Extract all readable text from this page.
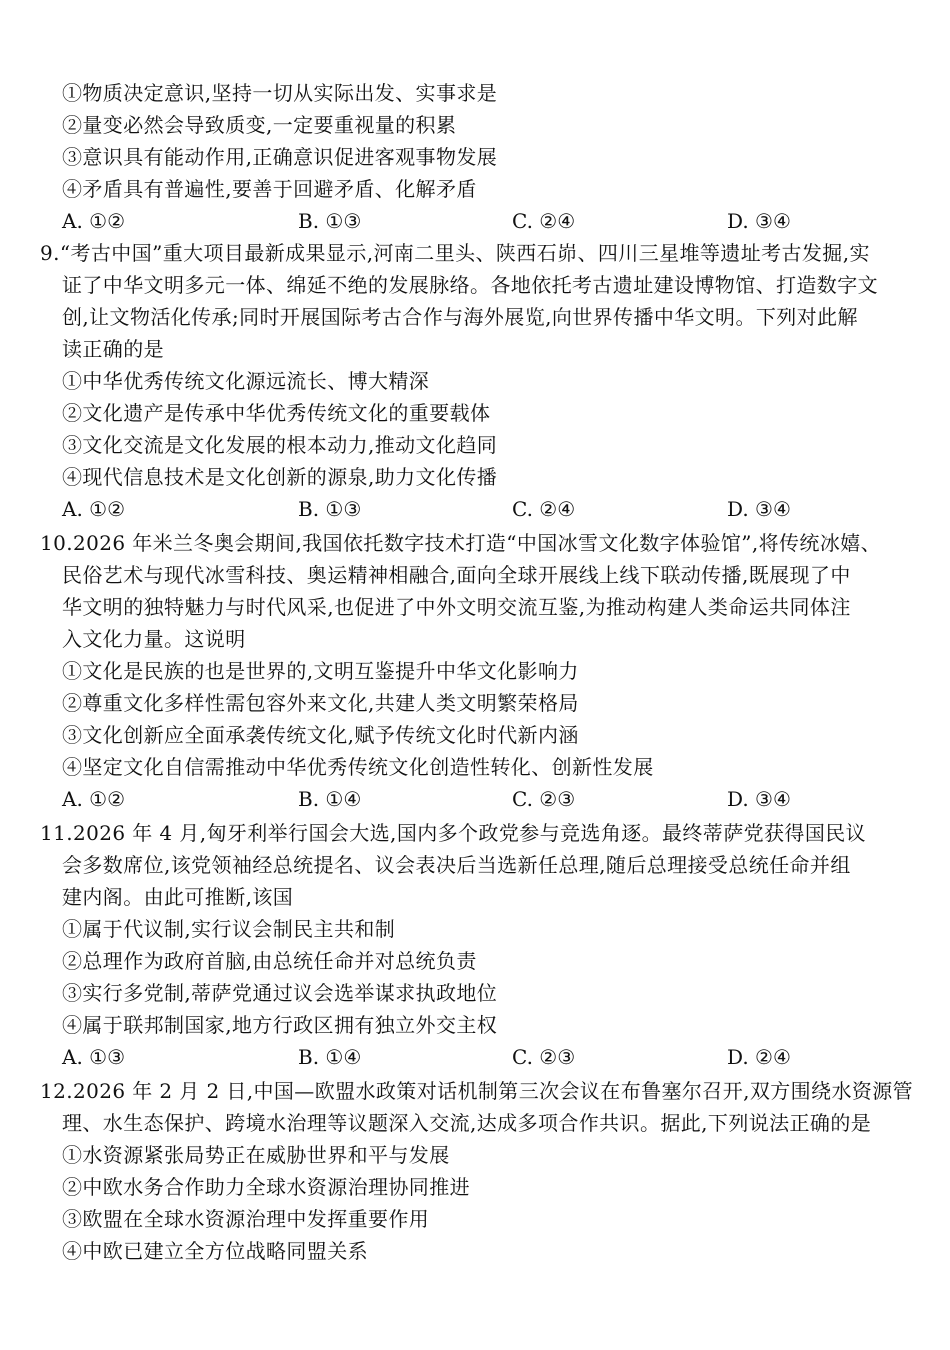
①物质决定意识,坚持一切从实际出发、实事求是
②量变必然会导致质变,一定要重视量的积累
③意识具有能动作用,正确意识促进客观事物发展
④矛盾具有普遍性,要善于回避矛盾、化解矛盾
A. ①②	B. ①③	C. ②④	D. ③④
9.“考古中国”重大项目最新成果显示,河南二里头、陕西石峁、四川三星堆等遗址考古发掘,实
证了中华文明多元一体、绵延不绝的发展脉络。各地依托考古遗址建设博物馆、打造数字文
创,让文物活化传承;同时开展国际考古合作与海外展览,向世界传播中华文明。下列对此解
读正确的是
①中华优秀传统文化源远流长、博大精深
②文化遗产是传承中华优秀传统文化的重要载体
③文化交流是文化发展的根本动力,推动文化趋同
④现代信息技术是文化创新的源泉,助力文化传播
A. ①②	B. ①③	C. ②④	D. ③④
10.2026 年米兰冬奥会期间,我国依托数字技术打造“中国冰雪文化数字体验馆”,将传统冰嬉、
民俗艺术与现代冰雪科技、奥运精神相融合,面向全球开展线上线下联动传播,既展现了中
华文明的独特魅力与时代风采,也促进了中外文明交流互鉴,为推动构建人类命运共同体注
入文化力量。这说明
①文化是民族的也是世界的,文明互鉴提升中华文化影响力
②尊重文化多样性需包容外来文化,共建人类文明繁荣格局
③文化创新应全面承袭传统文化,赋予传统文化时代新内涵
④坚定文化自信需推动中华优秀传统文化创造性转化、创新性发展
A. ①②	B. ①④	C. ②③	D. ③④
11.2026 年 4 月,匈牙利举行国会大选,国内多个政党参与竞选角逐。最终蒂萨党获得国民议
会多数席位,该党领袖经总统提名、议会表决后当选新任总理,随后总理接受总统任命并组
建内阁。由此可推断,该国
①属于代议制,实行议会制民主共和制
②总理作为政府首脑,由总统任命并对总统负责
③实行多党制,蒂萨党通过议会选举谋求执政地位
④属于联邦制国家,地方行政区拥有独立外交主权
A. ①③	B. ①④	C. ②③	D. ②④
12.2026 年 2 月 2 日,中国—欧盟水政策对话机制第三次会议在布鲁塞尔召开,双方围绕水资源管
理、水生态保护、跨境水治理等议题深入交流,达成多项合作共识。据此,下列说法正确的是
①水资源紧张局势正在威胁世界和平与发展
②中欧水务合作助力全球水资源治理协同推进
③欧盟在全球水资源治理中发挥重要作用
④中欧已建立全方位战略同盟关系
